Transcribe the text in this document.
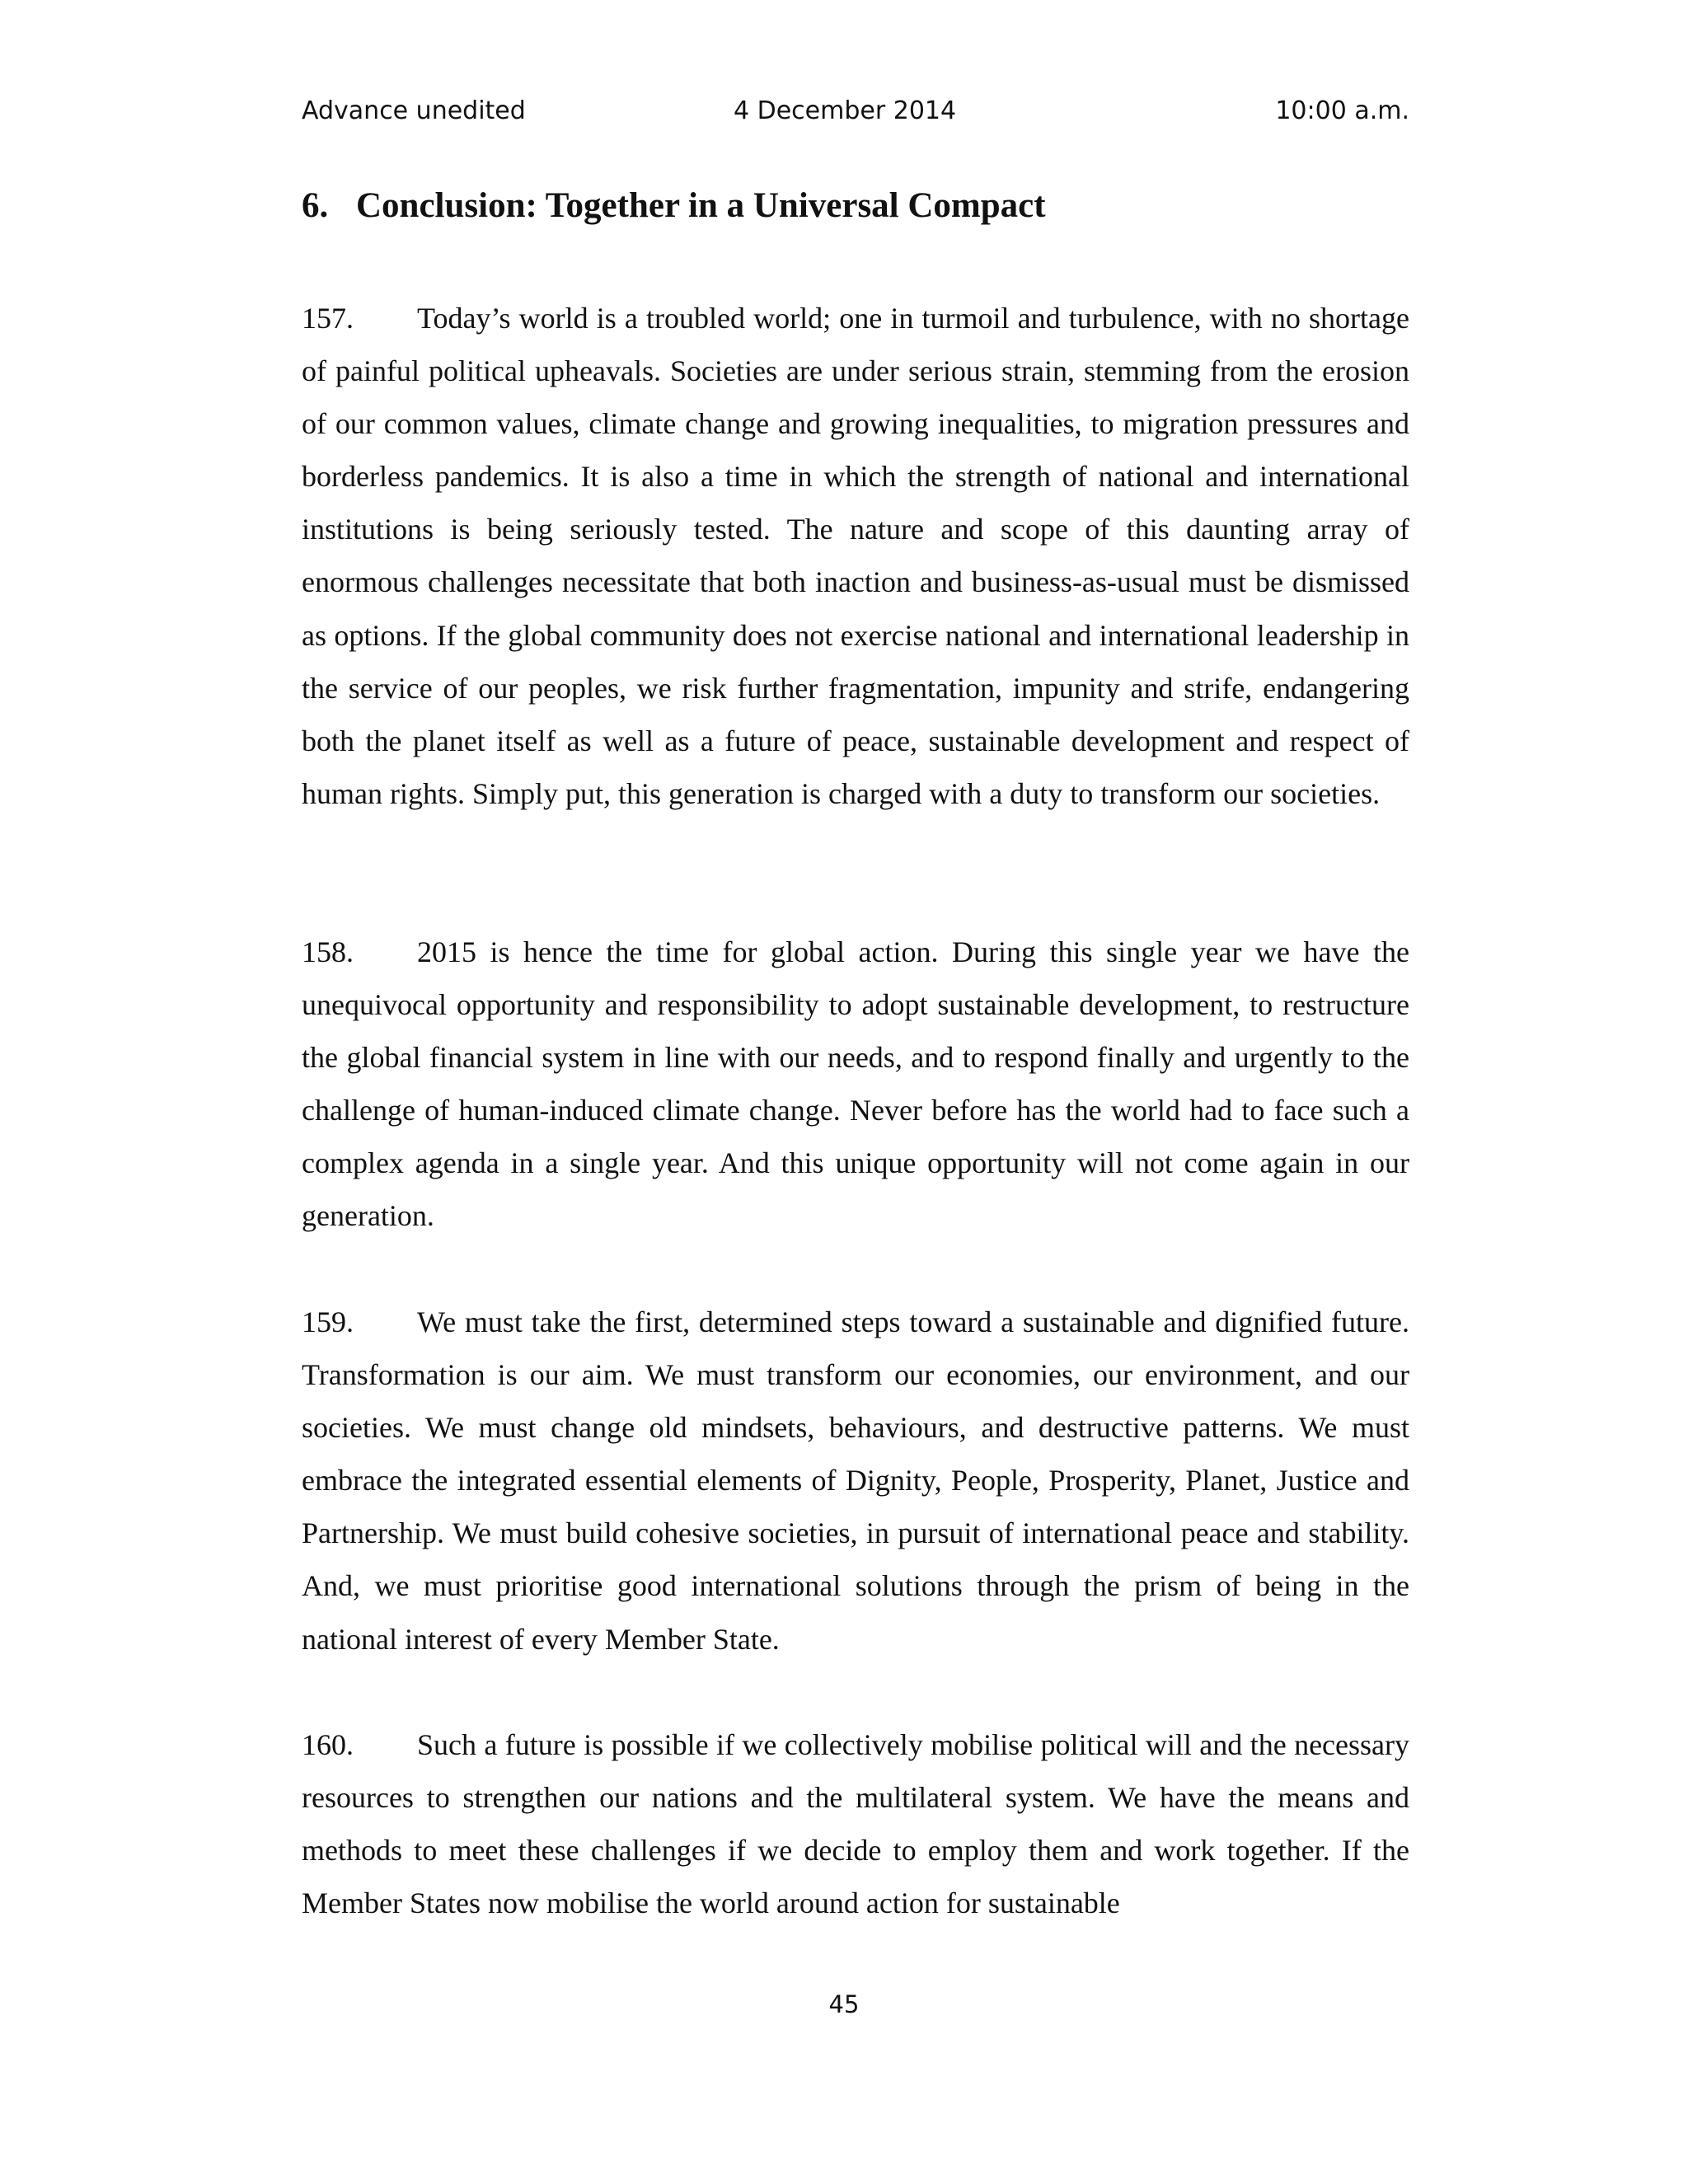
Advance unedited	4 December 2014	10:00 a.m.
6. Conclusion: Together in a Universal Compact

157. Today’s world is a troubled world; one in turmoil and turbulence, with no shortage of painful political upheavals. Societies are under serious strain, stemming from the erosion of our common values, climate change and growing inequalities, to migration pressures and borderless pandemics. It is also a time in which the strength of national and international institutions is being seriously tested. The nature and scope of this daunting array of enormous challenges necessitate that both inaction and business-as-usual must be dismissed as options. If the global community does not exercise national and international leadership in the service of our peoples, we risk further fragmentation, impunity and strife, endangering both the planet itself as well as a future of peace, sustainable development and respect of human rights. Simply put, this generation is charged with a duty to transform our societies.

158. 2015 is hence the time for global action. During this single year we have the unequivocal opportunity and responsibility to adopt sustainable development, to restructure the global financial system in line with our needs, and to respond finally and urgently to the challenge of human-induced climate change. Never before has the world had to face such a complex agenda in a single year. And this unique opportunity will not come again in our generation.

159. We must take the first, determined steps toward a sustainable and dignified future. Transformation is our aim. We must transform our economies, our environment, and our societies. We must change old mindsets, behaviours, and destructive patterns. We must embrace the integrated essential elements of Dignity, People, Prosperity, Planet, Justice and Partnership. We must build cohesive societies, in pursuit of international peace and stability. And, we must prioritise good international solutions through the prism of being in the national interest of every Member State.

160. Such a future is possible if we collectively mobilise political will and the necessary resources to strengthen our nations and the multilateral system. We have the means and methods to meet these challenges if we decide to employ them and work together. If the Member States now mobilise the world around action for sustainable

45
